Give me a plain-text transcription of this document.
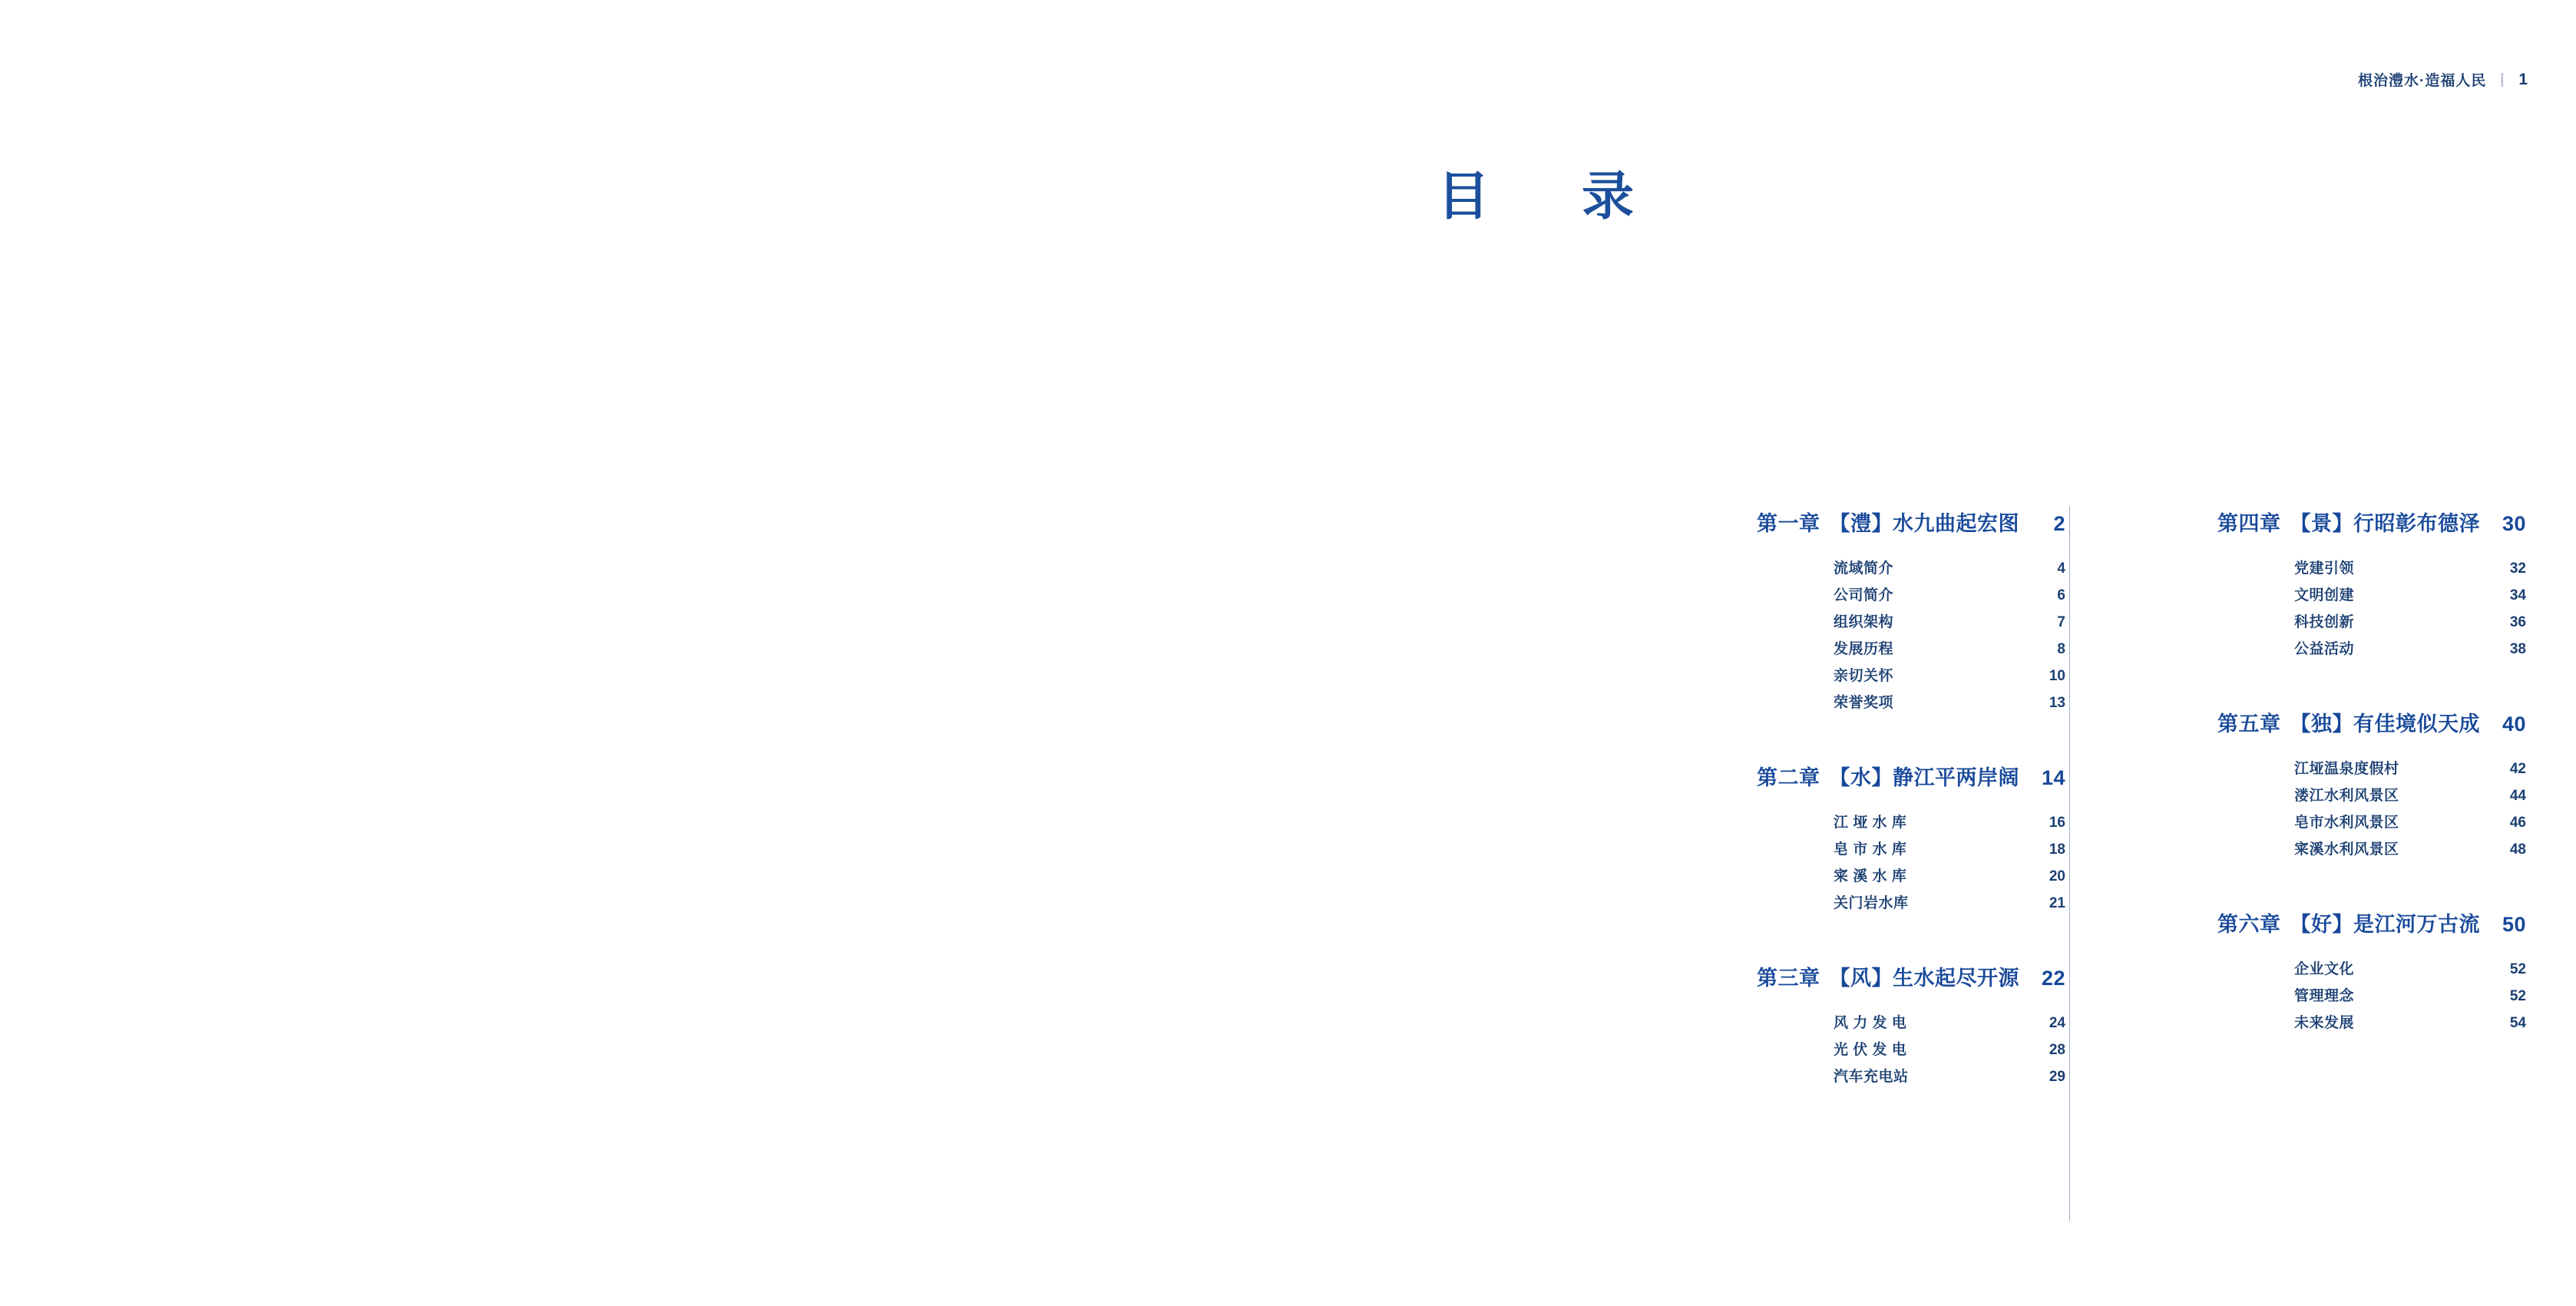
根治澧水·造福人民 | 1
目　录
第一章 【澧】水九曲起宏图	2
流域简介	4
公司简介	6
组织架构	7
发展历程	8
亲切关怀	10
荣誉奖项	13
第二章 【水】静江平两岸阔	14
江 垭 水 库	16
皂 市 水 库	18
宷 溪 水 库	20
关门岩水库	21
第三章 【风】生水起尽开源	22
风 力 发 电	24
光 伏 发 电	28
汽车充电站	29
第四章 【景】行昭彰布德泽	30
党建引领	32
文明创建	34
科技创新	36
公益活动	38
第五章 【独】有佳境似天成	40
江垭温泉度假村	42
溇江水利风景区	44
皂市水利风景区	46
宷溪水利风景区	48
第六章 【好】是江河万古流	50
企业文化	52
管理理念	52
未来发展	54
